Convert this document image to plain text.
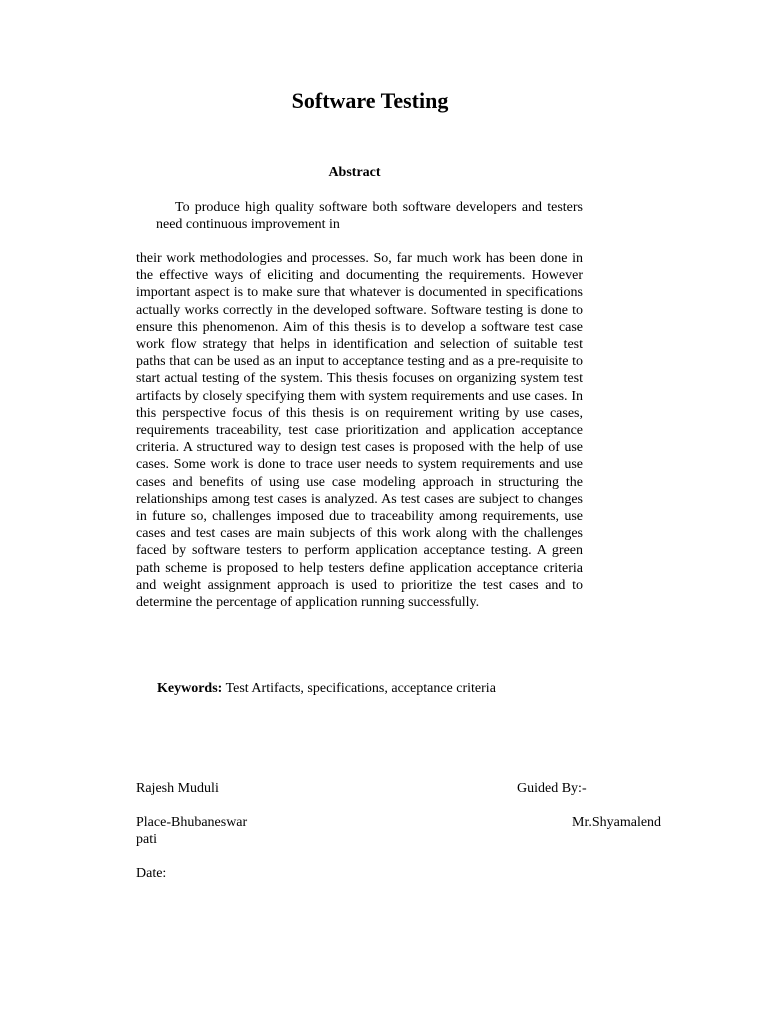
Software Testing
Abstract

To produce high quality software both software developers and testers need continuous improvement in

their work methodologies and processes. So, far much work has been done in the effective ways of eliciting and documenting the requirements. However important aspect is to make sure that whatever is documented in specifications actually works correctly in the developed software. Software testing is done to ensure this phenomenon. Aim of this thesis is to develop a software test case work flow strategy that helps in identification and selection of suitable test paths that can be used as an input to acceptance testing and as a pre-requisite to start actual testing of the system. This thesis focuses on organizing system test artifacts by closely specifying them with system requirements and use cases. In this perspective focus of this thesis is on requirement writing by use cases, requirements traceability, test case prioritization and application acceptance criteria. A structured way to design test cases is proposed with the help of use cases. Some work is done to trace user needs to system requirements and use cases and benefits of using use case modeling approach in structuring the relationships among test cases is analyzed. As test cases are subject to changes in future so, challenges imposed due to traceability among requirements, use cases and test cases are main subjects of this work along with the challenges faced by software testers to perform application acceptance testing. A green path scheme is proposed to help testers define application acceptance criteria and weight assignment approach is used to prioritize the test cases and to determine the percentage of application running successfully.

Keywords: Test Artifacts, specifications, acceptance criteria

Rajesh Muduli	Guided By:-

Place-Bhubaneswar	Mr.Shyamalend

pati

Date:
